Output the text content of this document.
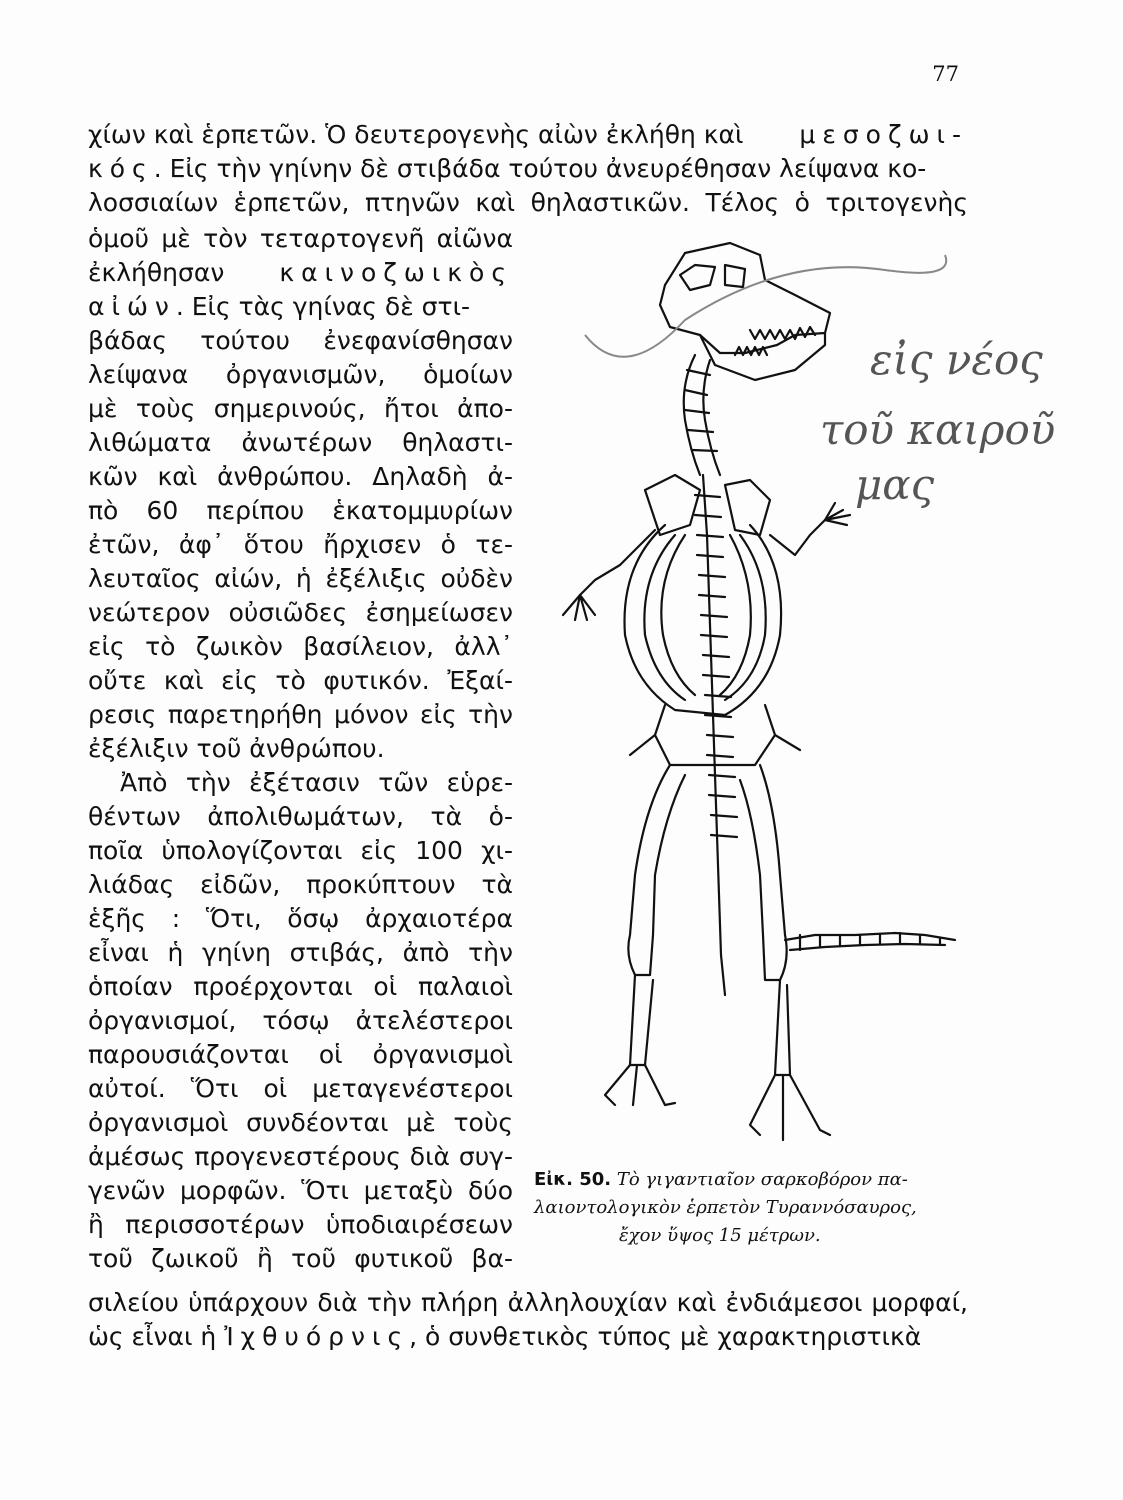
77
χίων καὶ ἑρπετῶν. Ὁ δευτερογενὴς αἰὼν ἐκλήθη καὶ μεσοζωι-
κός. Εἰς τὴν γηίνην δὲ στιβάδα τούτου ἀνευρέθησαν λείψανα κο-
λοσσιαίων ἑρπετῶν, πτηνῶν καὶ θηλαστικῶν. Τέλος ὁ τριτογενὴς
ὁμοῦ μὲ τὸν τεταρτογενῆ αἰῶνα
ἐκλήθησαν καινοζωικὸς
αἰών. Εἰς τὰς γηίνας δὲ στι-
βάδας τούτου ἐνεφανίσθησαν
λείψανα ὀργανισμῶν, ὁμοίων
μὲ τοὺς σημερινούς, ἤτοι ἀπο-
λιθώματα ἀνωτέρων θηλαστι-
κῶν καὶ ἀνθρώπου. Δηλαδὴ ἀ-
πὸ 60 περίπου ἑκατομμυρίων
ἐτῶν, ἀφ᾽ ὅτου ἤρχισεν ὁ τε-
λευταῖος αἰών, ἡ ἐξέλιξις οὐδὲν
νεώτερον οὐσιῶδες ἐσημείωσεν
εἰς τὸ ζωικὸν βασίλειον, ἀλλ᾽
οὔτε καὶ εἰς τὸ φυτικόν. Ἐξαί-
ρεσις παρετηρήθη μόνον εἰς τὴν
ἐξέλιξιν τοῦ ἀνθρώπου.
Ἀπὸ τὴν ἐξέτασιν τῶν εὑρε-
θέντων ἀπολιθωμάτων, τὰ ὁ-
ποῖα ὑπολογίζονται εἰς 100 χι-
λιάδας εἰδῶν, προκύπτουν τὰ
ἑξῆς : Ὅτι, ὅσῳ ἀρχαιοτέρα
εἶναι ἡ γηίνη στιβάς, ἀπὸ τὴν
ὁποίαν προέρχονται οἱ παλαιοὶ
ὀργανισμοί, τόσῳ ἀτελέστεροι
παρουσιάζονται οἱ ὀργανισμοὶ
αὐτοί. Ὅτι οἱ μεταγενέστεροι
ὀργανισμοὶ συνδέονται μὲ τοὺς
ἀμέσως προγενεστέρους διὰ συγ-
γενῶν μορφῶν. Ὅτι μεταξὺ δύο
ἢ περισσοτέρων ὑποδιαιρέσεων
τοῦ ζωικοῦ ἢ τοῦ φυτικοῦ βα-
σιλείου ὑπάρχουν διὰ τὴν πλήρη ἀλληλουχίαν καὶ ἐνδιάμεσοι μορφαί,
ὡς εἶναι ἡ Ἰχθυόρνις, ὁ συνθετικὸς τύπος μὲ χαρακτηριστικὰ
εἰς νέος
τοῦ καιροῦ
μας
Εἰκ. 50. Τὸ γιγαντιαῖον σαρκοβόρον πα-
λαιοντολογικὸν ἑρπετὸν Τυραννόσαυρος,
ἔχον ὕψος 15 μέτρων.
